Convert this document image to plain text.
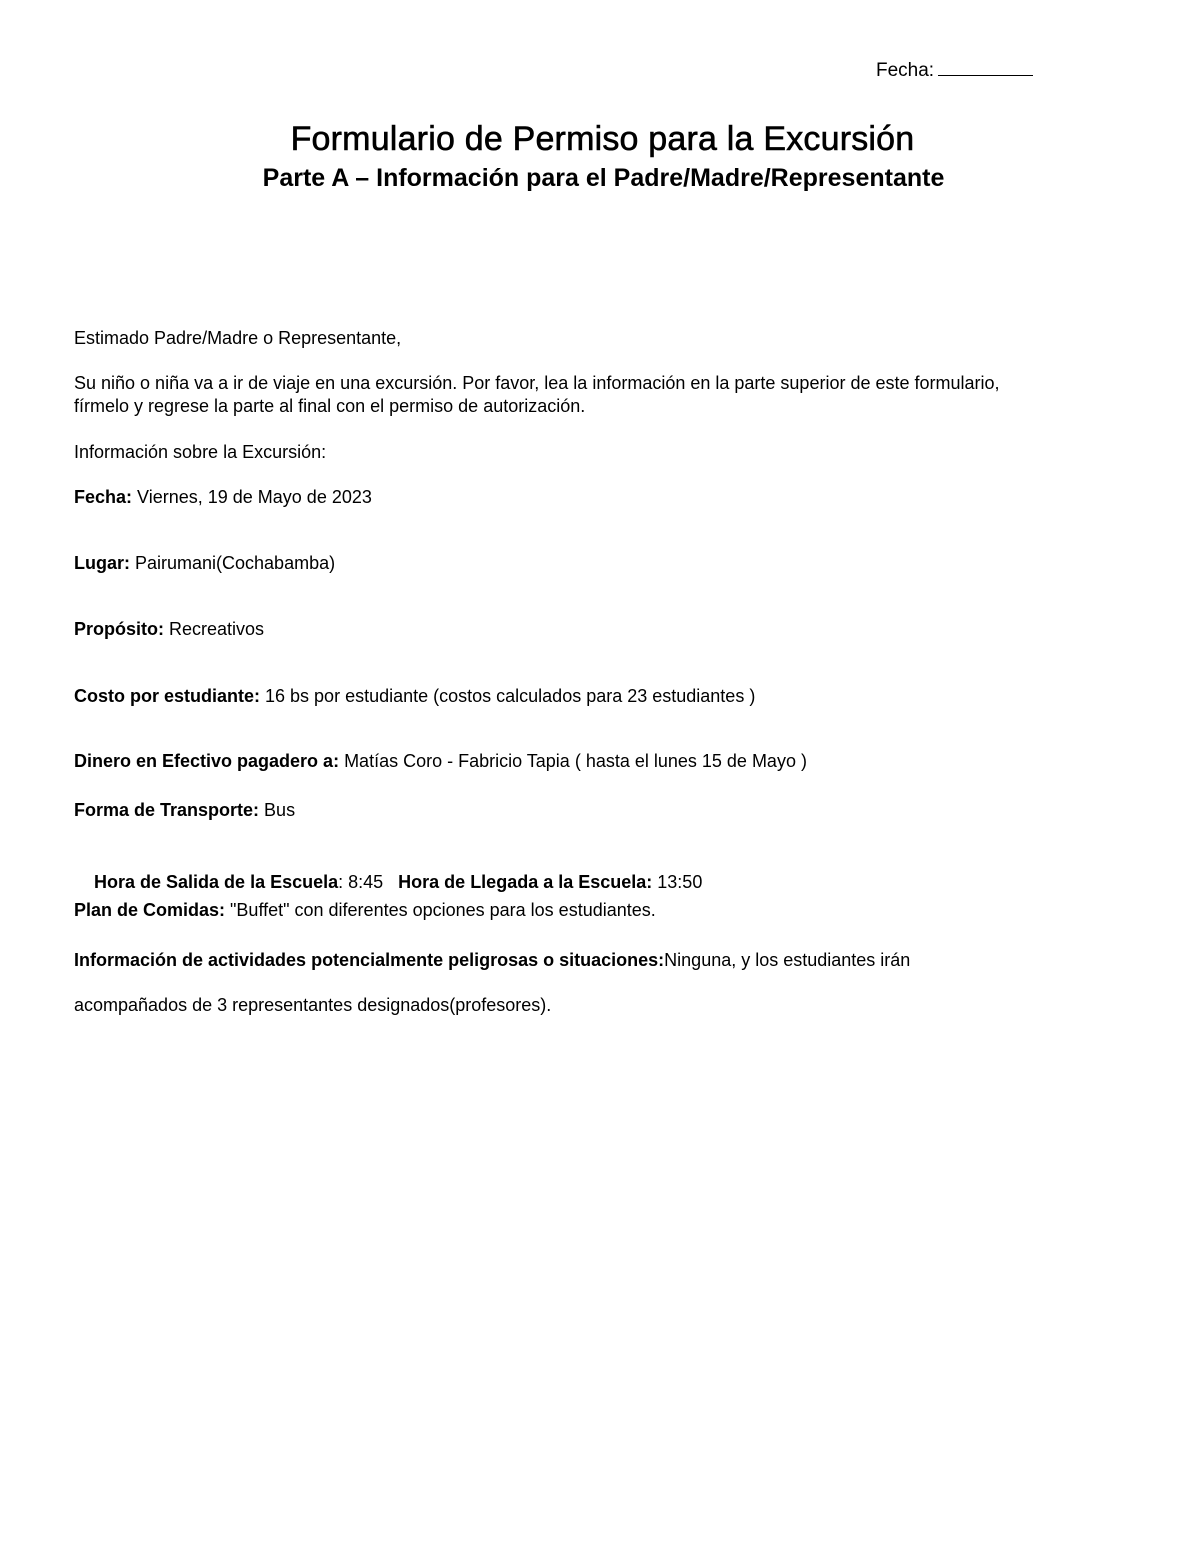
Fecha:
Formulario de Permiso para la Excursión
Parte A – Información para el Padre/Madre/Representante
Estimado Padre/Madre o Representante,
Su niño o niña va a ir de viaje en una excursión. Por favor, lea la información en la parte superior de este formulario,
fírmelo y regrese la parte al final con el permiso de autorización.
Información sobre la Excursión:
Fecha: Viernes, 19 de Mayo de 2023
Lugar: Pairumani(Cochabamba)
Propósito: Recreativos
Costo por estudiante: 16 bs por estudiante (costos calculados para 23 estudiantes )
Dinero en Efectivo pagadero a: Matías Coro - Fabricio Tapia ( hasta el lunes 15 de Mayo )
Forma de Transporte: Bus

Hora de Salida de la Escuela: 8:45   Hora de Llegada a la Escuela: 13:50

Plan de Comidas: "Buffet" con diferentes opciones para los estudiantes.
Información de actividades potencialmente peligrosas o situaciones:Ninguna, y los estudiantes irán
acompañados de 3 representantes designados(profesores).
